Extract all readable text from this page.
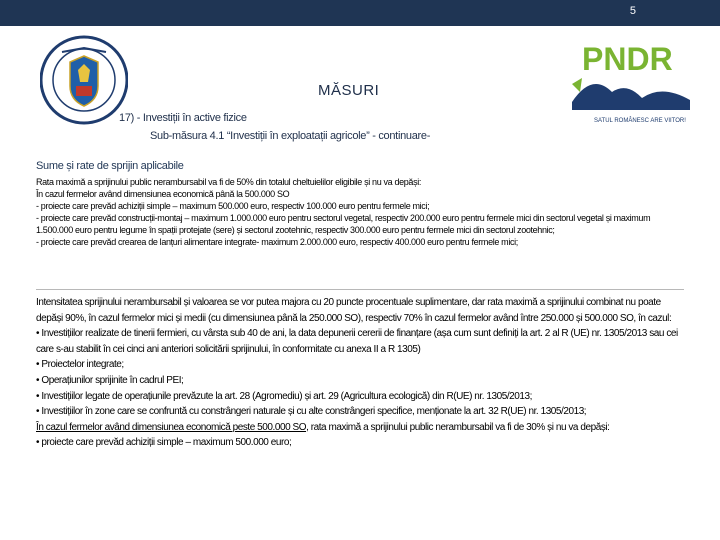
5
PNDR
SATUL ROMÂNESC ARE VIITOR!
MĂSURI
17) - Investiții în active fizice
Sub-măsura 4.1 “Investiții în exploatații agricole” - continuare-
Sume și rate de sprijin aplicabile

Rata maximă a sprijinului public nerambursabil va fi de 50% din totalul cheltuielilor eligibile și nu va depăși:

În cazul fermelor având dimensiunea economică până la 500.000 SO

- proiecte care prevăd achiziții simple – maximum 500.000 euro, respectiv 100.000 euro pentru fermele mici;

- proiecte care prevăd construcții-montaj – maximum 1.000.000 euro pentru sectorul vegetal, respectiv 200.000 euro pentru fermele mici din sectorul vegetal și maximum 1.500.000 euro pentru legume în spații protejate (sere) și sectorul zootehnic, respectiv 300.000 euro pentru fermele mici din sectorul zootehnic;

- proiecte care prevăd crearea de lanțuri alimentare integrate- maximum 2.000.000 euro, respectiv 400.000 euro pentru fermele mici;

Intensitatea sprijinului nerambursabil și valoarea se vor putea majora cu 20 puncte procentuale suplimentare, dar rata maximă a sprijinului combinat nu poate depăși 90%, în cazul fermelor mici și medii (cu dimensiunea până la 250.000 SO), respectiv 70% în cazul fermelor având între 250.000 și 500.000 SO, în cazul:

• Investițiilor realizate de tinerii fermieri, cu vârsta sub 40 de ani, la data depunerii cererii de finanțare (așa cum sunt definiți la art. 2 al R (UE) nr. 1305/2013 sau cei care s-au stabilit în cei cinci ani anteriori solicitării sprijinului, în conformitate cu anexa II a R 1305)

• Proiectelor integrate;

• Operațiunilor sprijinite în cadrul PEI;

• Investițiilor legate de operațiunile prevăzute la art. 28 (Agromediu) și art. 29 (Agricultura ecologică) din R(UE) nr. 1305/2013;

• Investițiilor în zone care se confruntă cu constrângeri naturale și cu alte constrângeri specifice, menționate la art. 32 R(UE) nr. 1305/2013;

În cazul fermelor având dimensiunea economică peste 500.000 SO, rata maximă a sprijinului public nerambursabil va fi de 30% și nu va depăși:

• proiecte care prevăd achiziții simple – maximum 500.000 euro;
